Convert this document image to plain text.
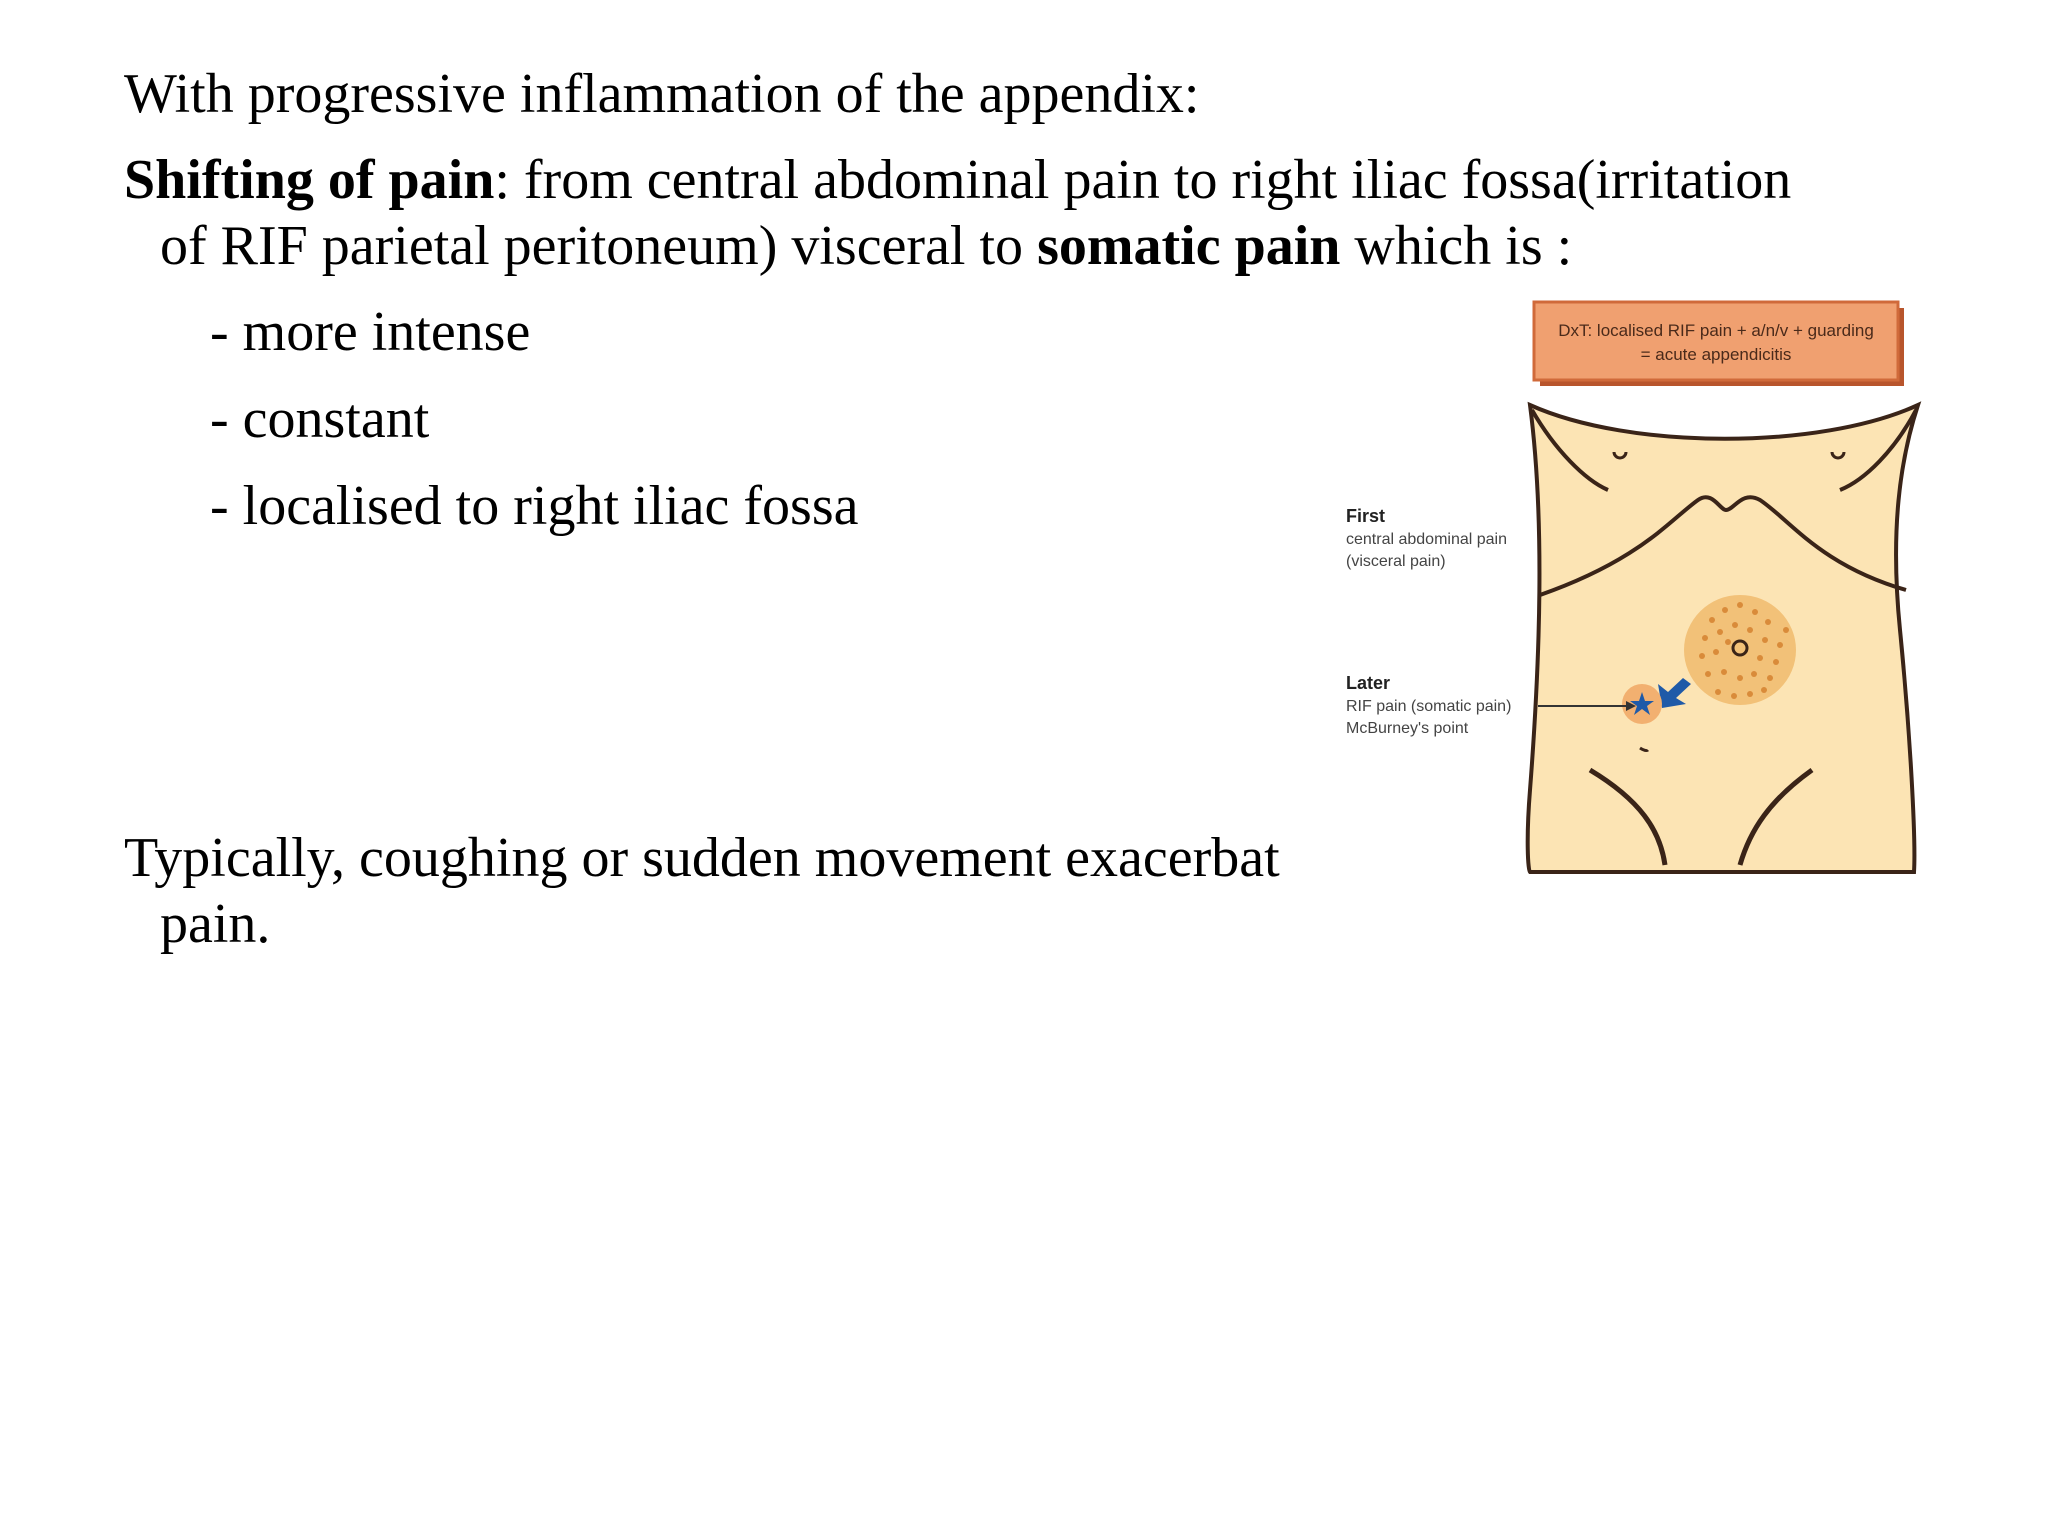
With progressive inflammation of the appendix:
Shifting of pain: from central abdominal pain to right iliac fossa(irritation
of RIF parietal peritoneum) visceral to somatic pain which is :
- more intense
- constant
- localised to right iliac fossa
Typically, coughing or sudden movement exacerbat
pain.
DxT: localised RIF pain + a/n/v + guarding
= acute appendicitis
First
central abdominal pain
(visceral pain)
Later
RIF pain (somatic pain)
McBurney's point
